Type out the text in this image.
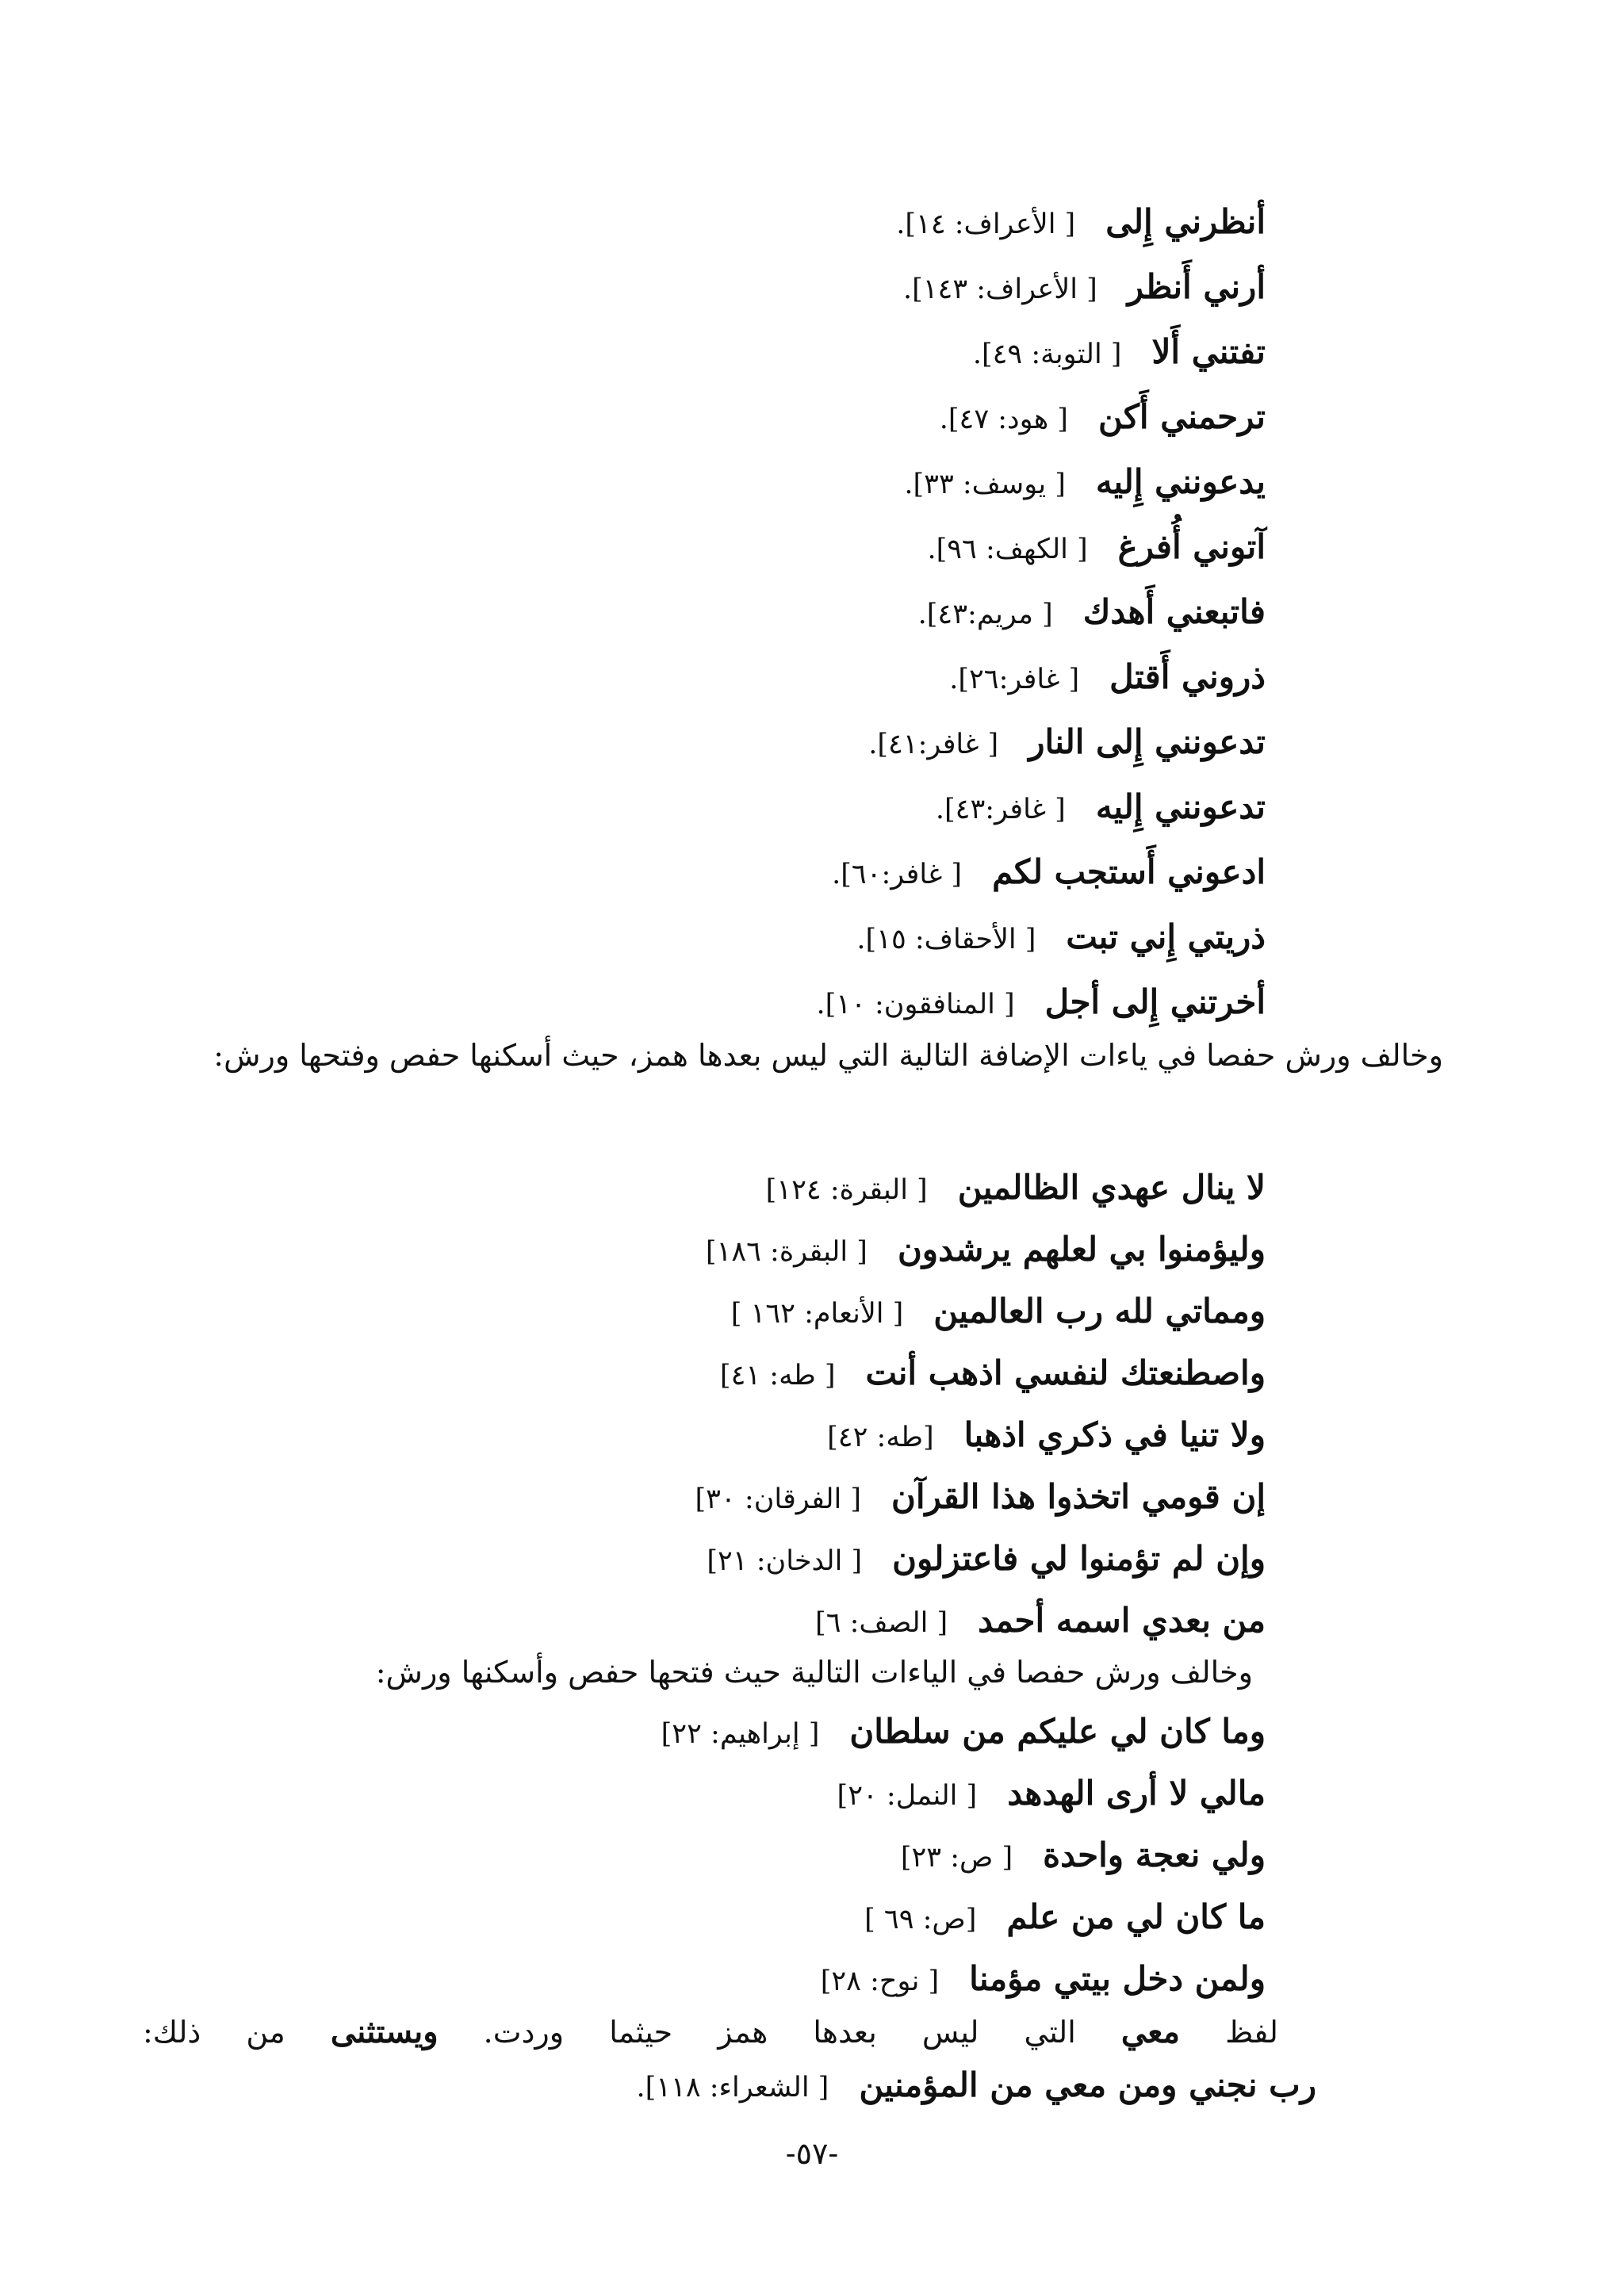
أنظرني إِلى[ الأعراف: ١٤].
أرني أَنظر[ الأعراف: ١٤٣].
تفتني أَلا[ التوبة: ٤٩].
ترحمني أَكن[ هود: ٤٧].
يدعونني إِليه[ يوسف: ٣٣].
آتوني أُفرغ[ الكهف: ٩٦].
فاتبعني أَهدك[ مريم:٤٣].
ذروني أَقتل[ غافر:٢٦].
تدعونني إِلى النار[ غافر:٤١].
تدعونني إِليه[ غافر:٤٣].
ادعوني أَستجب لكم[ غافر:٦٠].
ذريتي إِني تبت[ الأحقاف: ١٥].
أخرتني إِلى أجل[ المنافقون: ١٠].
وخالف ورش حفصا في ياءات الإضافة التالية التي ليس بعدها همز، حيث أسكنها حفص وفتحها ورش:
لا ينال عهدي الظالمين[ البقرة: ١٢٤]
وليؤمنوا بي لعلهم يرشدون[ البقرة: ١٨٦]
ومماتي لله رب العالمين[ الأنعام: ١٦٢ ]
واصطنعتك لنفسي اذهب أنت[ طه: ٤١]
ولا تنيا في ذكري اذهبا[طه: ٤٢]
إن قومي اتخذوا هذا القرآن[ الفرقان: ٣٠]
وإن لم تؤمنوا لي فاعتزلون[ الدخان: ٢١]
من بعدي اسمه أحمد[ الصف: ٦]
وخالف ورش حفصا في الياءات التالية حيث فتحها حفص وأسكنها ورش:
وما كان لي عليكم من سلطان[ إبراهيم: ٢٢]
مالي لا أرى الهدهد[ النمل: ٢٠]
ولي نعجة واحدة[ ص: ٢٣]
ما كان لي من علم[ص: ٦٩ ]
ولمن دخل بيتي مؤمنا[ نوح: ٢٨]
لفظ معي التي ليس بعدها همز حيثما وردت. ويستثنى من ذلك:
رب نجني ومن معي من المؤمنين[ الشعراء: ١١٨].
-٥٧-
